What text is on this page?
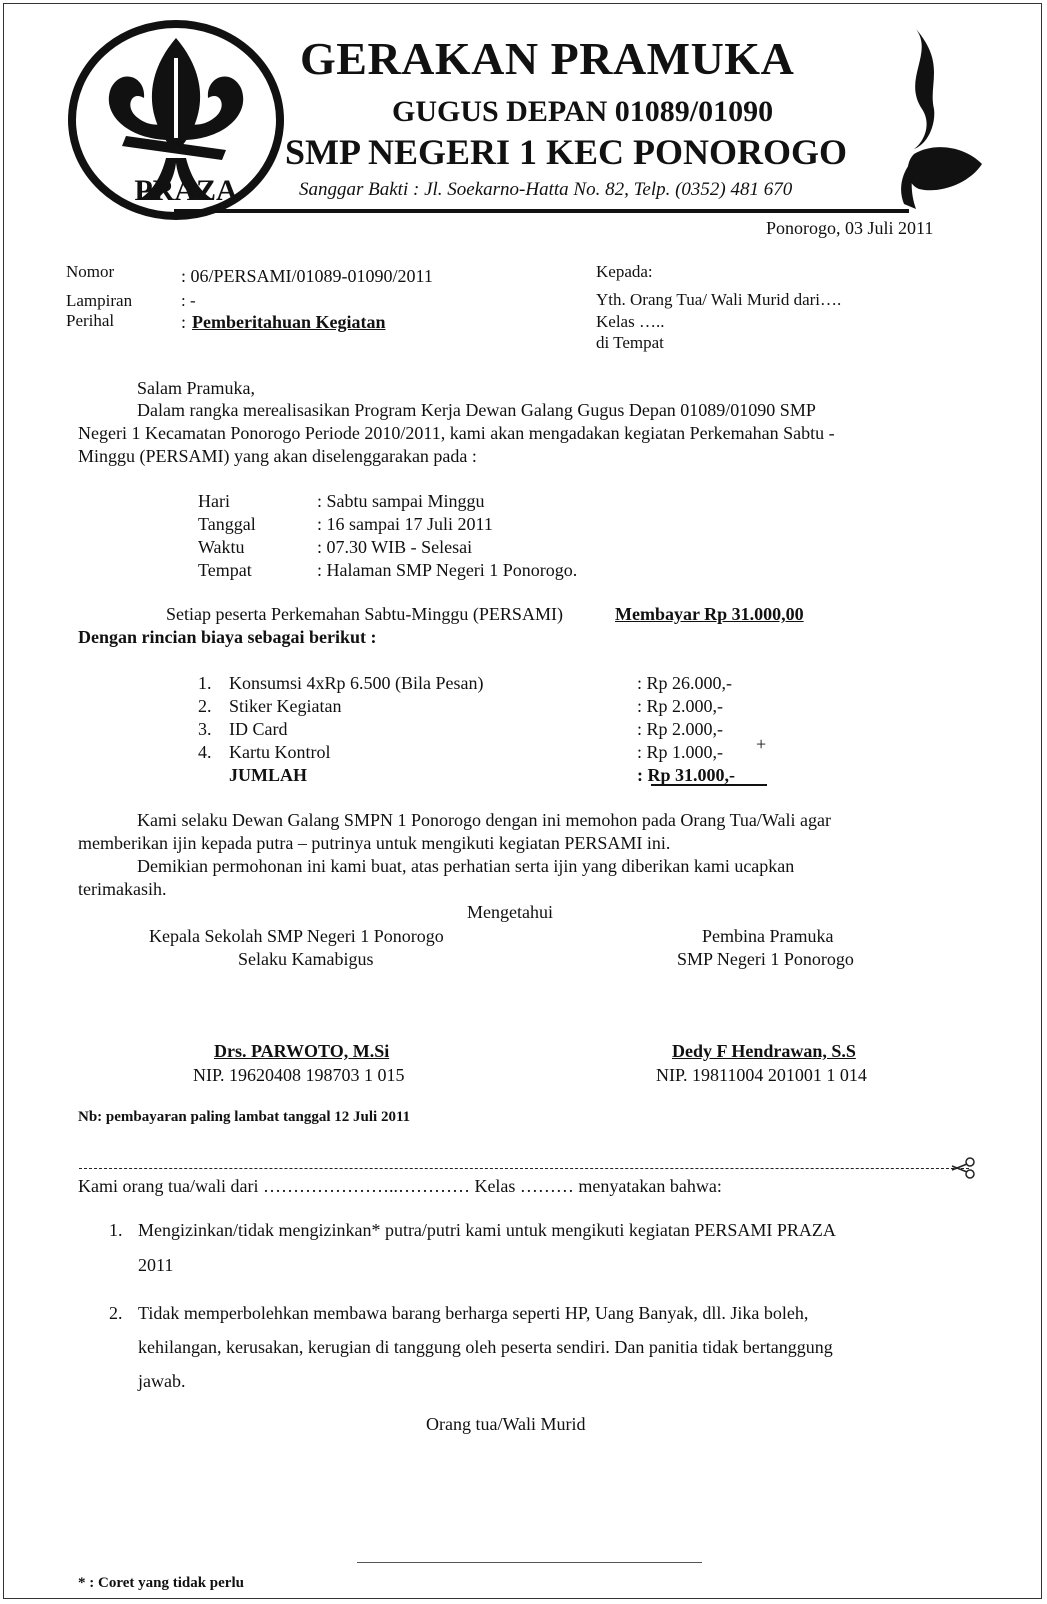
PRAZA
GERAKAN PRAMUKA
GUGUS DEPAN 01089/01090
SMP NEGERI 1 KEC PONOROGO
Sanggar Bakti : Jl. Soekarno-Hatta No. 82, Telp. (0352) 481 670
Ponorogo, 03 Juli 2011
Nomor	: 06/PERSAMI/01089-01090/2011
Lampiran	: -
Perihal	: Pemberitahuan Kegiatan
Kepada:
Yth. Orang Tua/ Wali Murid dari….
Kelas …..
di Tempat
Salam Pramuka,
Dalam rangka merealisasikan Program Kerja Dewan Galang Gugus Depan 01089/01090 SMP
Negeri 1 Kecamatan Ponorogo Periode 2010/2011, kami akan mengadakan kegiatan Perkemahan Sabtu -
Minggu (PERSAMI) yang akan diselenggarakan pada :
Hari	: Sabtu sampai Minggu
Tanggal	: 16 sampai 17 Juli 2011
Waktu	: 07.30 WIB - Selesai
Tempat	: Halaman SMP Negeri 1 Ponorogo.
Setiap peserta Perkemahan Sabtu-Minggu (PERSAMI)	Membayar Rp 31.000,00
Dengan rincian biaya sebagai berikut :
1. Konsumsi 4xRp 6.500 (Bila Pesan)	: Rp 26.000,-
2. Stiker Kegiatan	: Rp 2.000,-
3. ID Card	: Rp 2.000,-
4. Kartu Kontrol	: Rp 1.000,- +
JUMLAH	: Rp 31.000,-
Kami selaku Dewan Galang SMPN 1 Ponorogo dengan ini memohon pada Orang Tua/Wali agar
memberikan ijin kepada putra – putrinya untuk mengikuti kegiatan PERSAMI ini.
Demikian permohonan ini kami buat, atas perhatian serta ijin yang diberikan kami ucapkan
terimakasih.
Mengetahui
Kepala Sekolah SMP Negeri 1 Ponorogo
Selaku Kamabigus
Pembina Pramuka
SMP Negeri 1 Ponorogo
Drs. PARWOTO, M.Si
NIP. 19620408 198703 1 015
Dedy F Hendrawan, S.S
NIP. 19811004 201001 1 014
Nb: pembayaran paling lambat tanggal 12 Juli 2011
Kami orang tua/wali dari …………………..………… Kelas ……… menyatakan bahwa:
1. Mengizinkan/tidak mengizinkan* putra/putri kami untuk mengikuti kegiatan PERSAMI PRAZA
2011
2. Tidak memperbolehkan membawa barang berharga seperti HP, Uang Banyak, dll. Jika boleh,
kehilangan, kerusakan, kerugian di tanggung oleh peserta sendiri. Dan panitia tidak bertanggung
jawab.
Orang tua/Wali Murid
* : Coret yang tidak perlu
